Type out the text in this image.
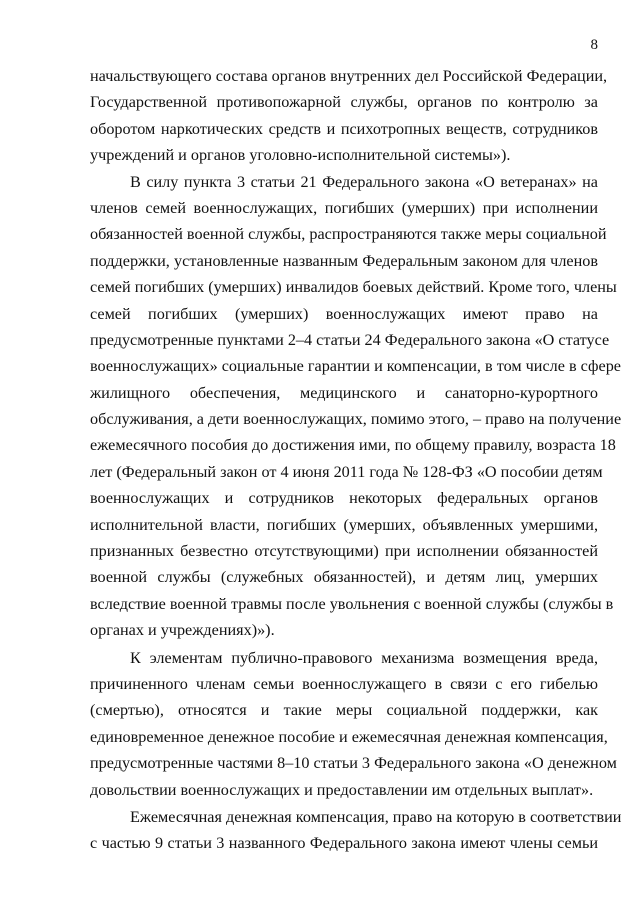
8
начальствующего состава органов внутренних дел Российской Федерации,
Государственной противопожарной службы, органов по контролю за
оборотом наркотических средств и психотропных веществ, сотрудников
учреждений и органов уголовно-исполнительной системы»).
В силу пункта 3 статьи 21 Федерального закона «О ветеранах» на
членов семей военнослужащих, погибших (умерших) при исполнении
обязанностей военной службы, распространяются также меры социальной
поддержки, установленные названным Федеральным законом для членов
семей погибших (умерших) инвалидов боевых действий. Кроме того, члены
семей погибших (умерших) военнослужащих имеют право на
предусмотренные пунктами 2–4 статьи 24 Федерального закона «О статусе
военнослужащих» социальные гарантии и компенсации, в том числе в сфере
жилищного обеспечения, медицинского и санаторно-курортного
обслуживания, а дети военнослужащих, помимо этого, – право на получение
ежемесячного пособия до достижения ими, по общему правилу, возраста 18
лет (Федеральный закон от 4 июня 2011 года № 128-ФЗ «О пособии детям
военнослужащих и сотрудников некоторых федеральных органов
исполнительной власти, погибших (умерших, объявленных умершими,
признанных безвестно отсутствующими) при исполнении обязанностей
военной службы (служебных обязанностей), и детям лиц, умерших
вследствие военной травмы после увольнения с военной службы (службы в
органах и учреждениях)»).
К элементам публично-правового механизма возмещения вреда,
причиненного членам семьи военнослужащего в связи с его гибелью
(смертью), относятся и такие меры социальной поддержки, как
единовременное денежное пособие и ежемесячная денежная компенсация,
предусмотренные частями 8–10 статьи 3 Федерального закона «О денежном
довольствии военнослужащих и предоставлении им отдельных выплат».
Ежемесячная денежная компенсация, право на которую в соответствии
с частью 9 статьи 3 названного Федерального закона имеют члены семьи
